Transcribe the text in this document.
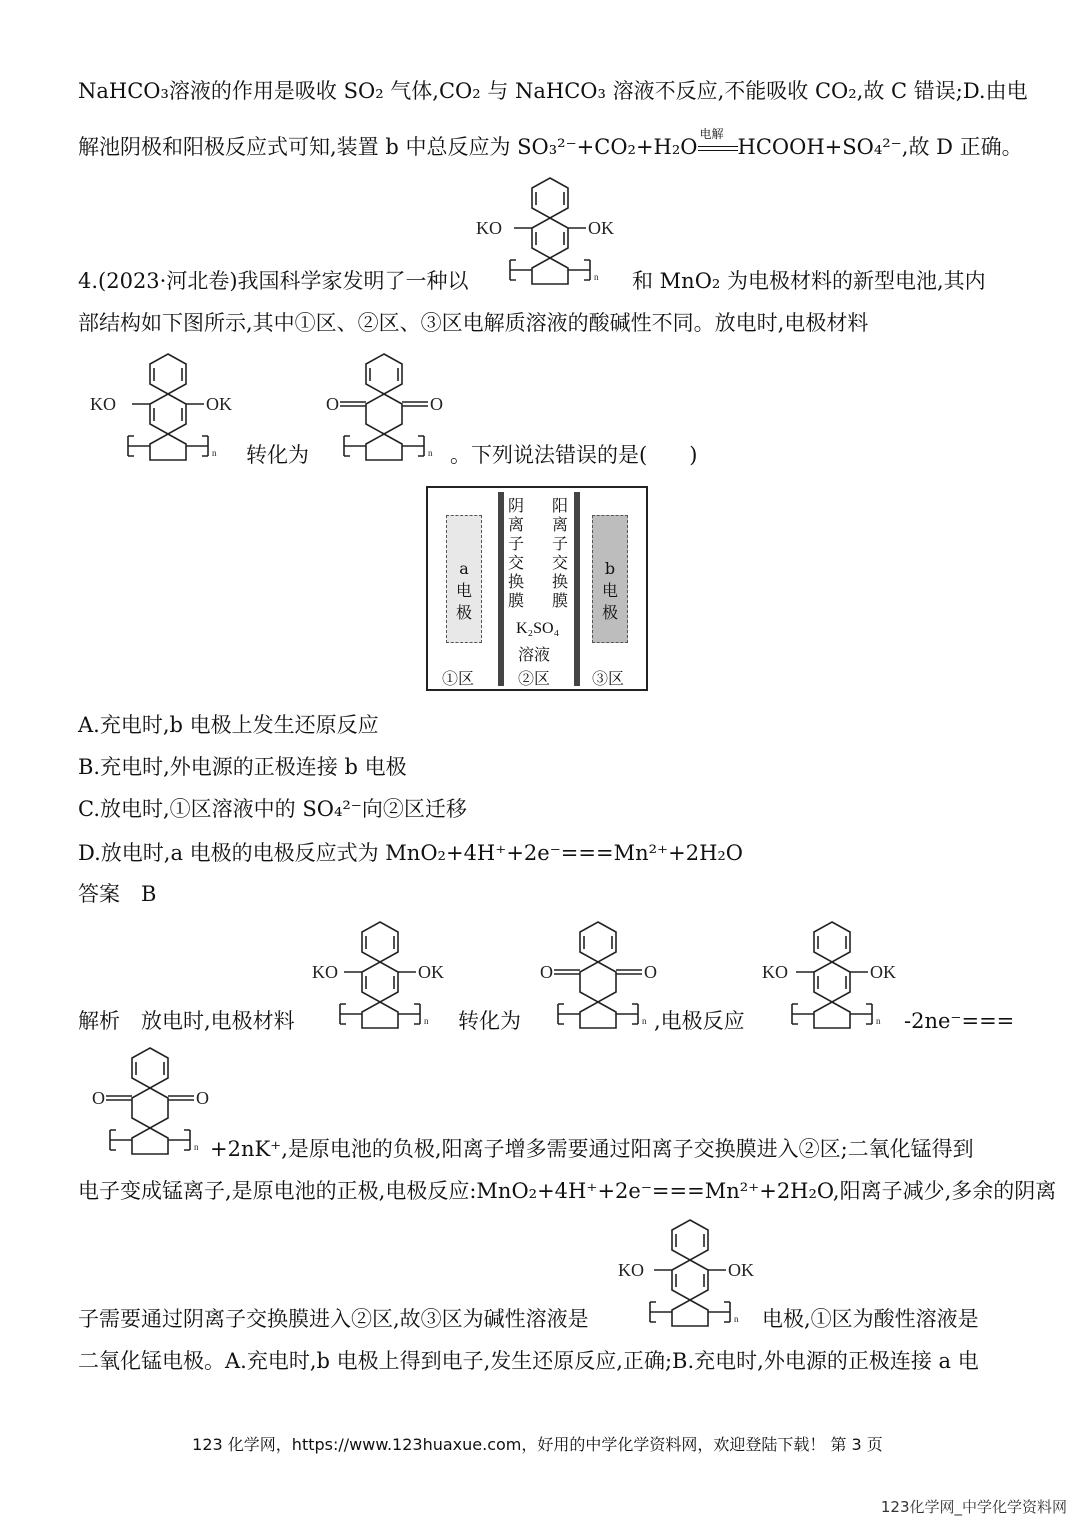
NaHCO₃溶液的作用是吸收 SO₂ 气体,CO₂ 与 NaHCO₃ 溶液不反应,不能吸收 CO₂,故 C 错误;D.由电
解池阴极和阳极反应式可知,装置 b 中总反应为 SO₃²⁻+CO₂+H₂O
电解
HCOOH+SO₄²⁻,故 D 正确。
4.(2023·河北卷)我国科学家发明了一种以	和 MnO₂ 为电极材料的新型电池,其内
部结构如下图所示,其中①区、②区、③区电解质溶液的酸碱性不同。放电时,电极材料
转化为	。下列说法错误的是(　　)
KO	OK
n
KO	OK
n
O	O
n

a
电
极

阴
离
子
交
换
膜
阳
离
子
交
换
膜

b
电
极

K₂SO₄
溶液
①区	②区	③区
A.充电时,b 电极上发生还原反应
B.充电时,外电源的正极连接 b 电极
C.放电时,①区溶液中的 SO₄²⁻向②区迁移
D.放电时,a 电极的电极反应式为 MnO₂+4H⁺+2e⁻===Mn²⁺+2H₂O
答案　B
解析　放电时,电极材料	转化为	,电极反应	-2ne⁻===
KO	OK
n
O	O
n
KO	OK
n
O	O
n +2nK⁺,是原电池的负极,阳离子增多需要通过阳离子交换膜进入②区;二氧化锰得到
电子变成锰离子,是原电池的正极,电极反应:MnO₂+4H⁺+2e⁻===Mn²⁺+2H₂O,阳离子减少,多余的阴离
KO	OK
n
子需要通过阴离子交换膜进入②区,故③区为碱性溶液是	电极,①区为酸性溶液是
二氧化锰电极。A.充电时,b 电极上得到电子,发生还原反应,正确;B.充电时,外电源的正极连接 a 电
123 化学网，https://www.123huaxue.com，好用的中学化学资料网，欢迎登陆下载！ 第 3 页
123化学网_中学化学资料网
